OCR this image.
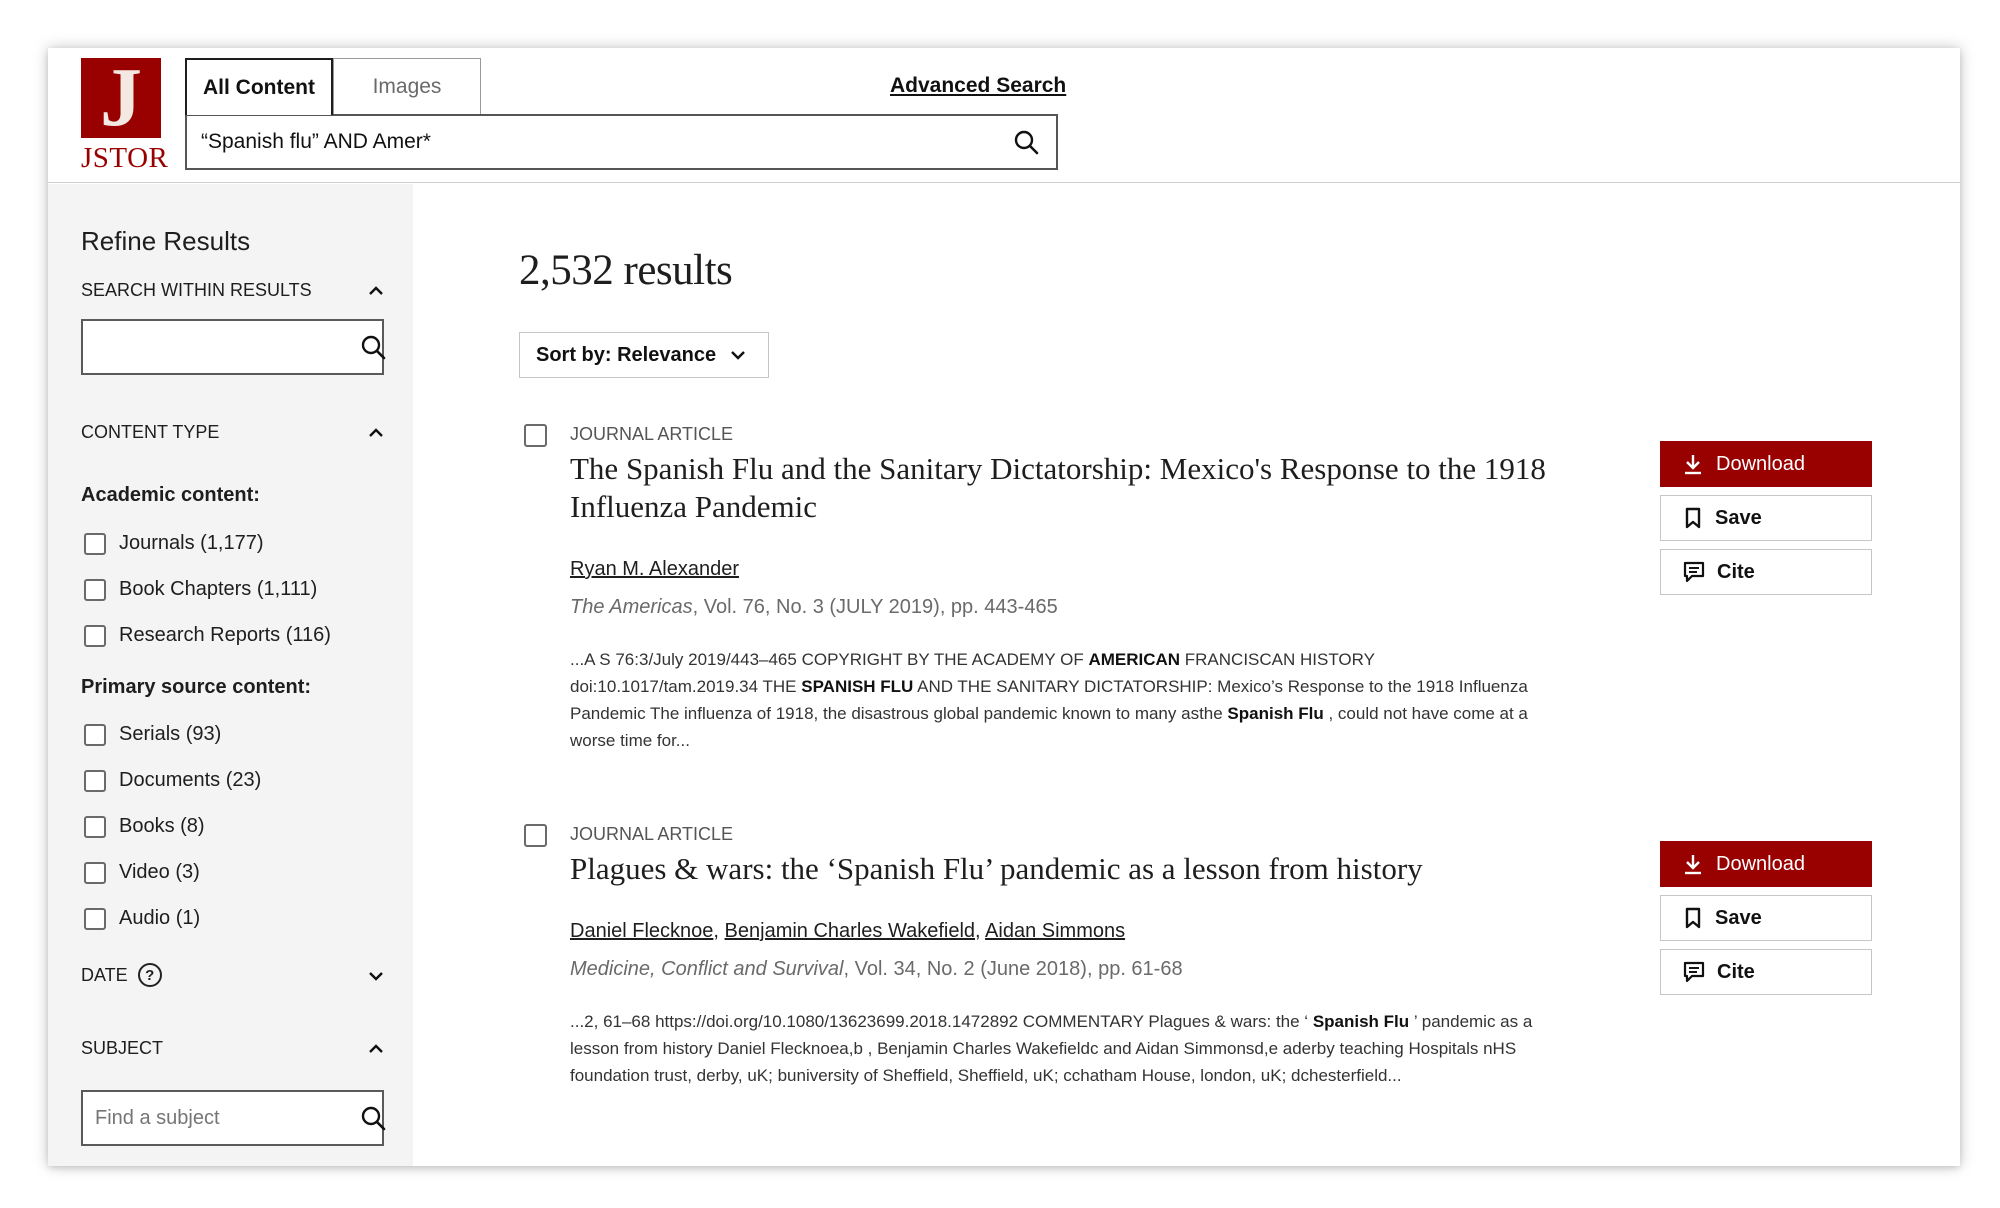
J
JSTOR
All Content	Images	Advanced Search
“Spanish flu” AND Amer*
Refine Results
SEARCH WITHIN RESULTS
CONTENT TYPE
Academic content:
Journals (1,177)
Book Chapters (1,111)
Research Reports (116)
Primary source content:
Serials (93)
Documents (23)
Books (8)
Video (3)
Audio (1)
DATE	?
SUBJECT
Find a subject
2,532 results
Sort by: Relevance
JOURNAL ARTICLE
The Spanish Flu and the Sanitary Dictatorship: Mexico's Response to the 1918 Influenza Pandemic
Ryan M. Alexander
The Americas, Vol. 76, No. 3 (JULY 2019), pp. 443-465
...A S 76:3/July 2019/443–465 COPYRIGHT BY THE ACADEMY OF AMERICAN FRANCISCAN HISTORY doi:10.1017/tam.2019.34 THE SPANISH FLU AND THE SANITARY DICTATORSHIP: Mexico’s Response to the 1918 Influenza Pandemic The influenza of 1918, the disastrous global pandemic known to many asthe Spanish Flu , could not have come at a worse time for...
Download
Save
Cite
JOURNAL ARTICLE
Plagues & wars: the ‘Spanish Flu’ pandemic as a lesson from history
Daniel Flecknoe, Benjamin Charles Wakefield, Aidan Simmons
Medicine, Conflict and Survival, Vol. 34, No. 2 (June 2018), pp. 61-68
...2, 61–68 https://doi.org/10.1080/13623699.2018.1472892 COMMENTARY Plagues & wars: the ‘ Spanish Flu ’ pandemic as a lesson from history Daniel Flecknoea,b , Benjamin Charles Wakefieldc and Aidan Simmonsd,e aderby teaching Hospitals nHS foundation trust, derby, uK; buniversity of Sheffield, Sheffield, uK; cchatham House, london, uK; dchesterfield...
Download
Save
Cite
